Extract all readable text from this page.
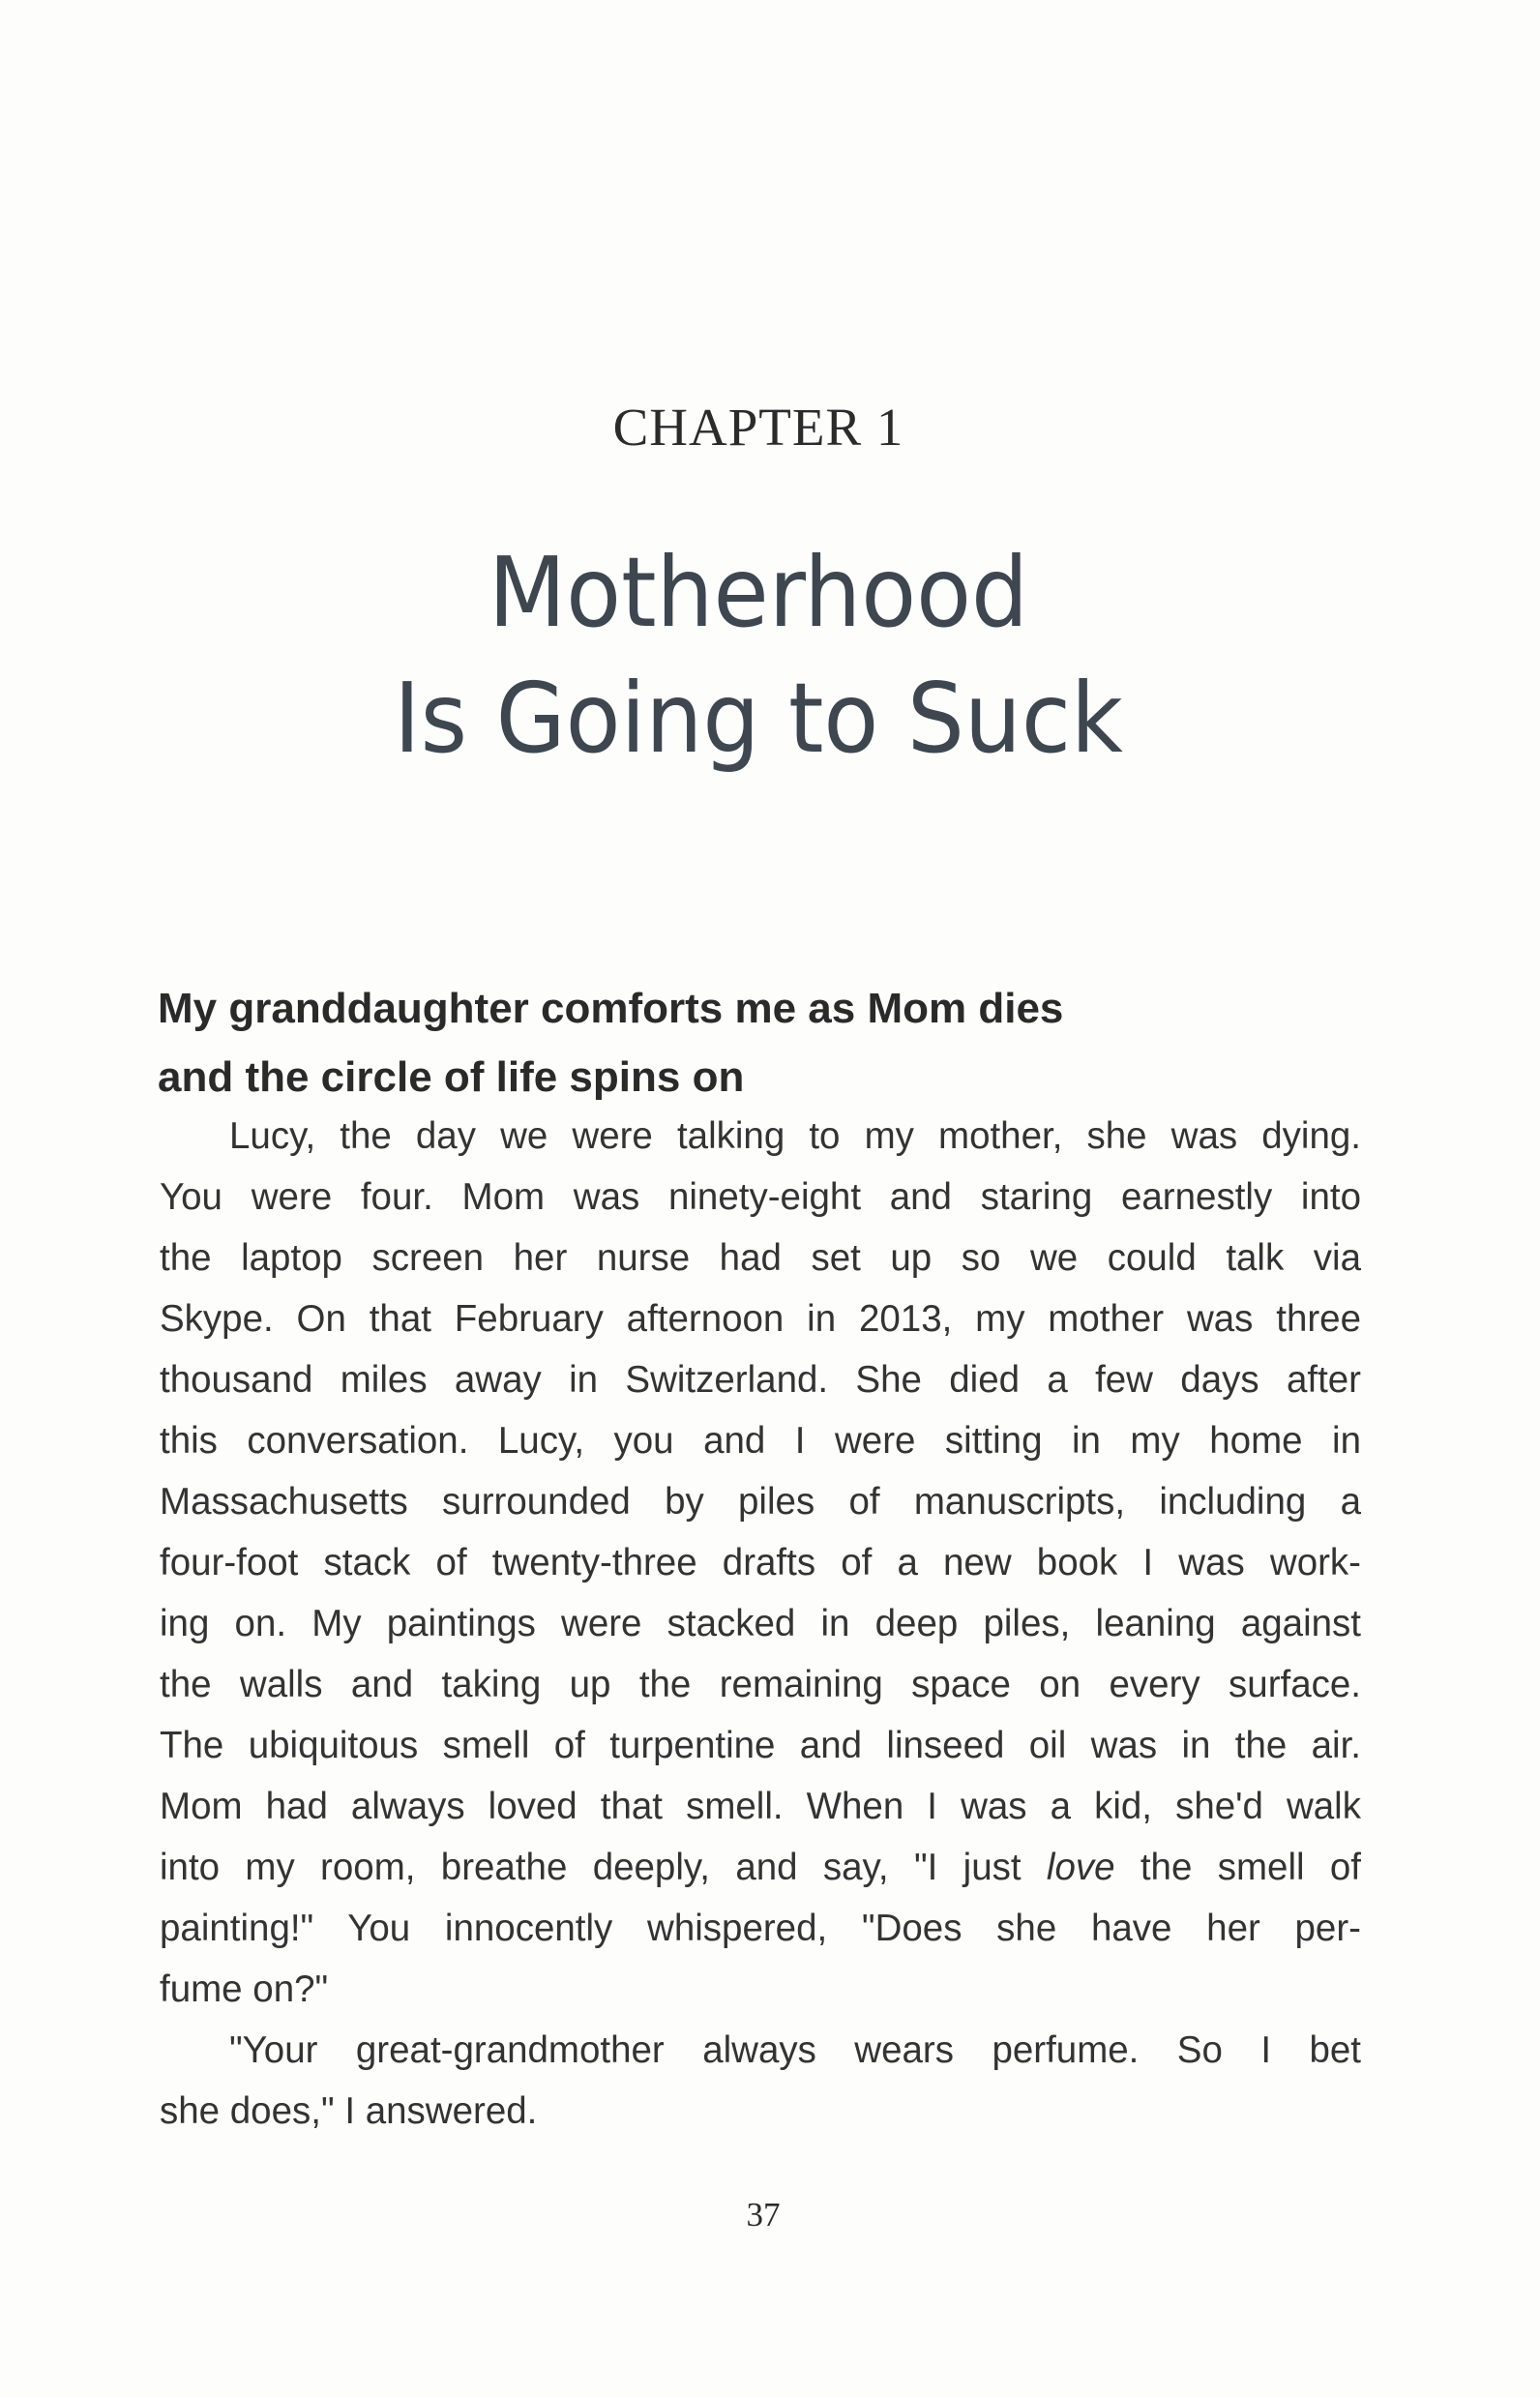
CHAPTER 1
Motherhood
Is Going to Suck
My granddaughter comforts me as Mom dies
and the circle of life spins on
Lucy, the day we were talking to my mother, she was dying.
You were four. Mom was ninety-eight and staring earnestly into
the laptop screen her nurse had set up so we could talk via
Skype. On that February afternoon in 2013, my mother was three
thousand miles away in Switzerland. She died a few days after
this conversation. Lucy, you and I were sitting in my home in
Massachusetts surrounded by piles of manuscripts, including a
four-foot stack of twenty-three drafts of a new book I was work-
ing on. My paintings were stacked in deep piles, leaning against
the walls and taking up the remaining space on every surface.
The ubiquitous smell of turpentine and linseed oil was in the air.
Mom had always loved that smell. When I was a kid, she'd walk
into my room, breathe deeply, and say, "I just love the smell of
painting!" You innocently whispered, "Does she have her per-
fume on?"
"Your great-grandmother always wears perfume. So I bet
she does," I answered.
37
